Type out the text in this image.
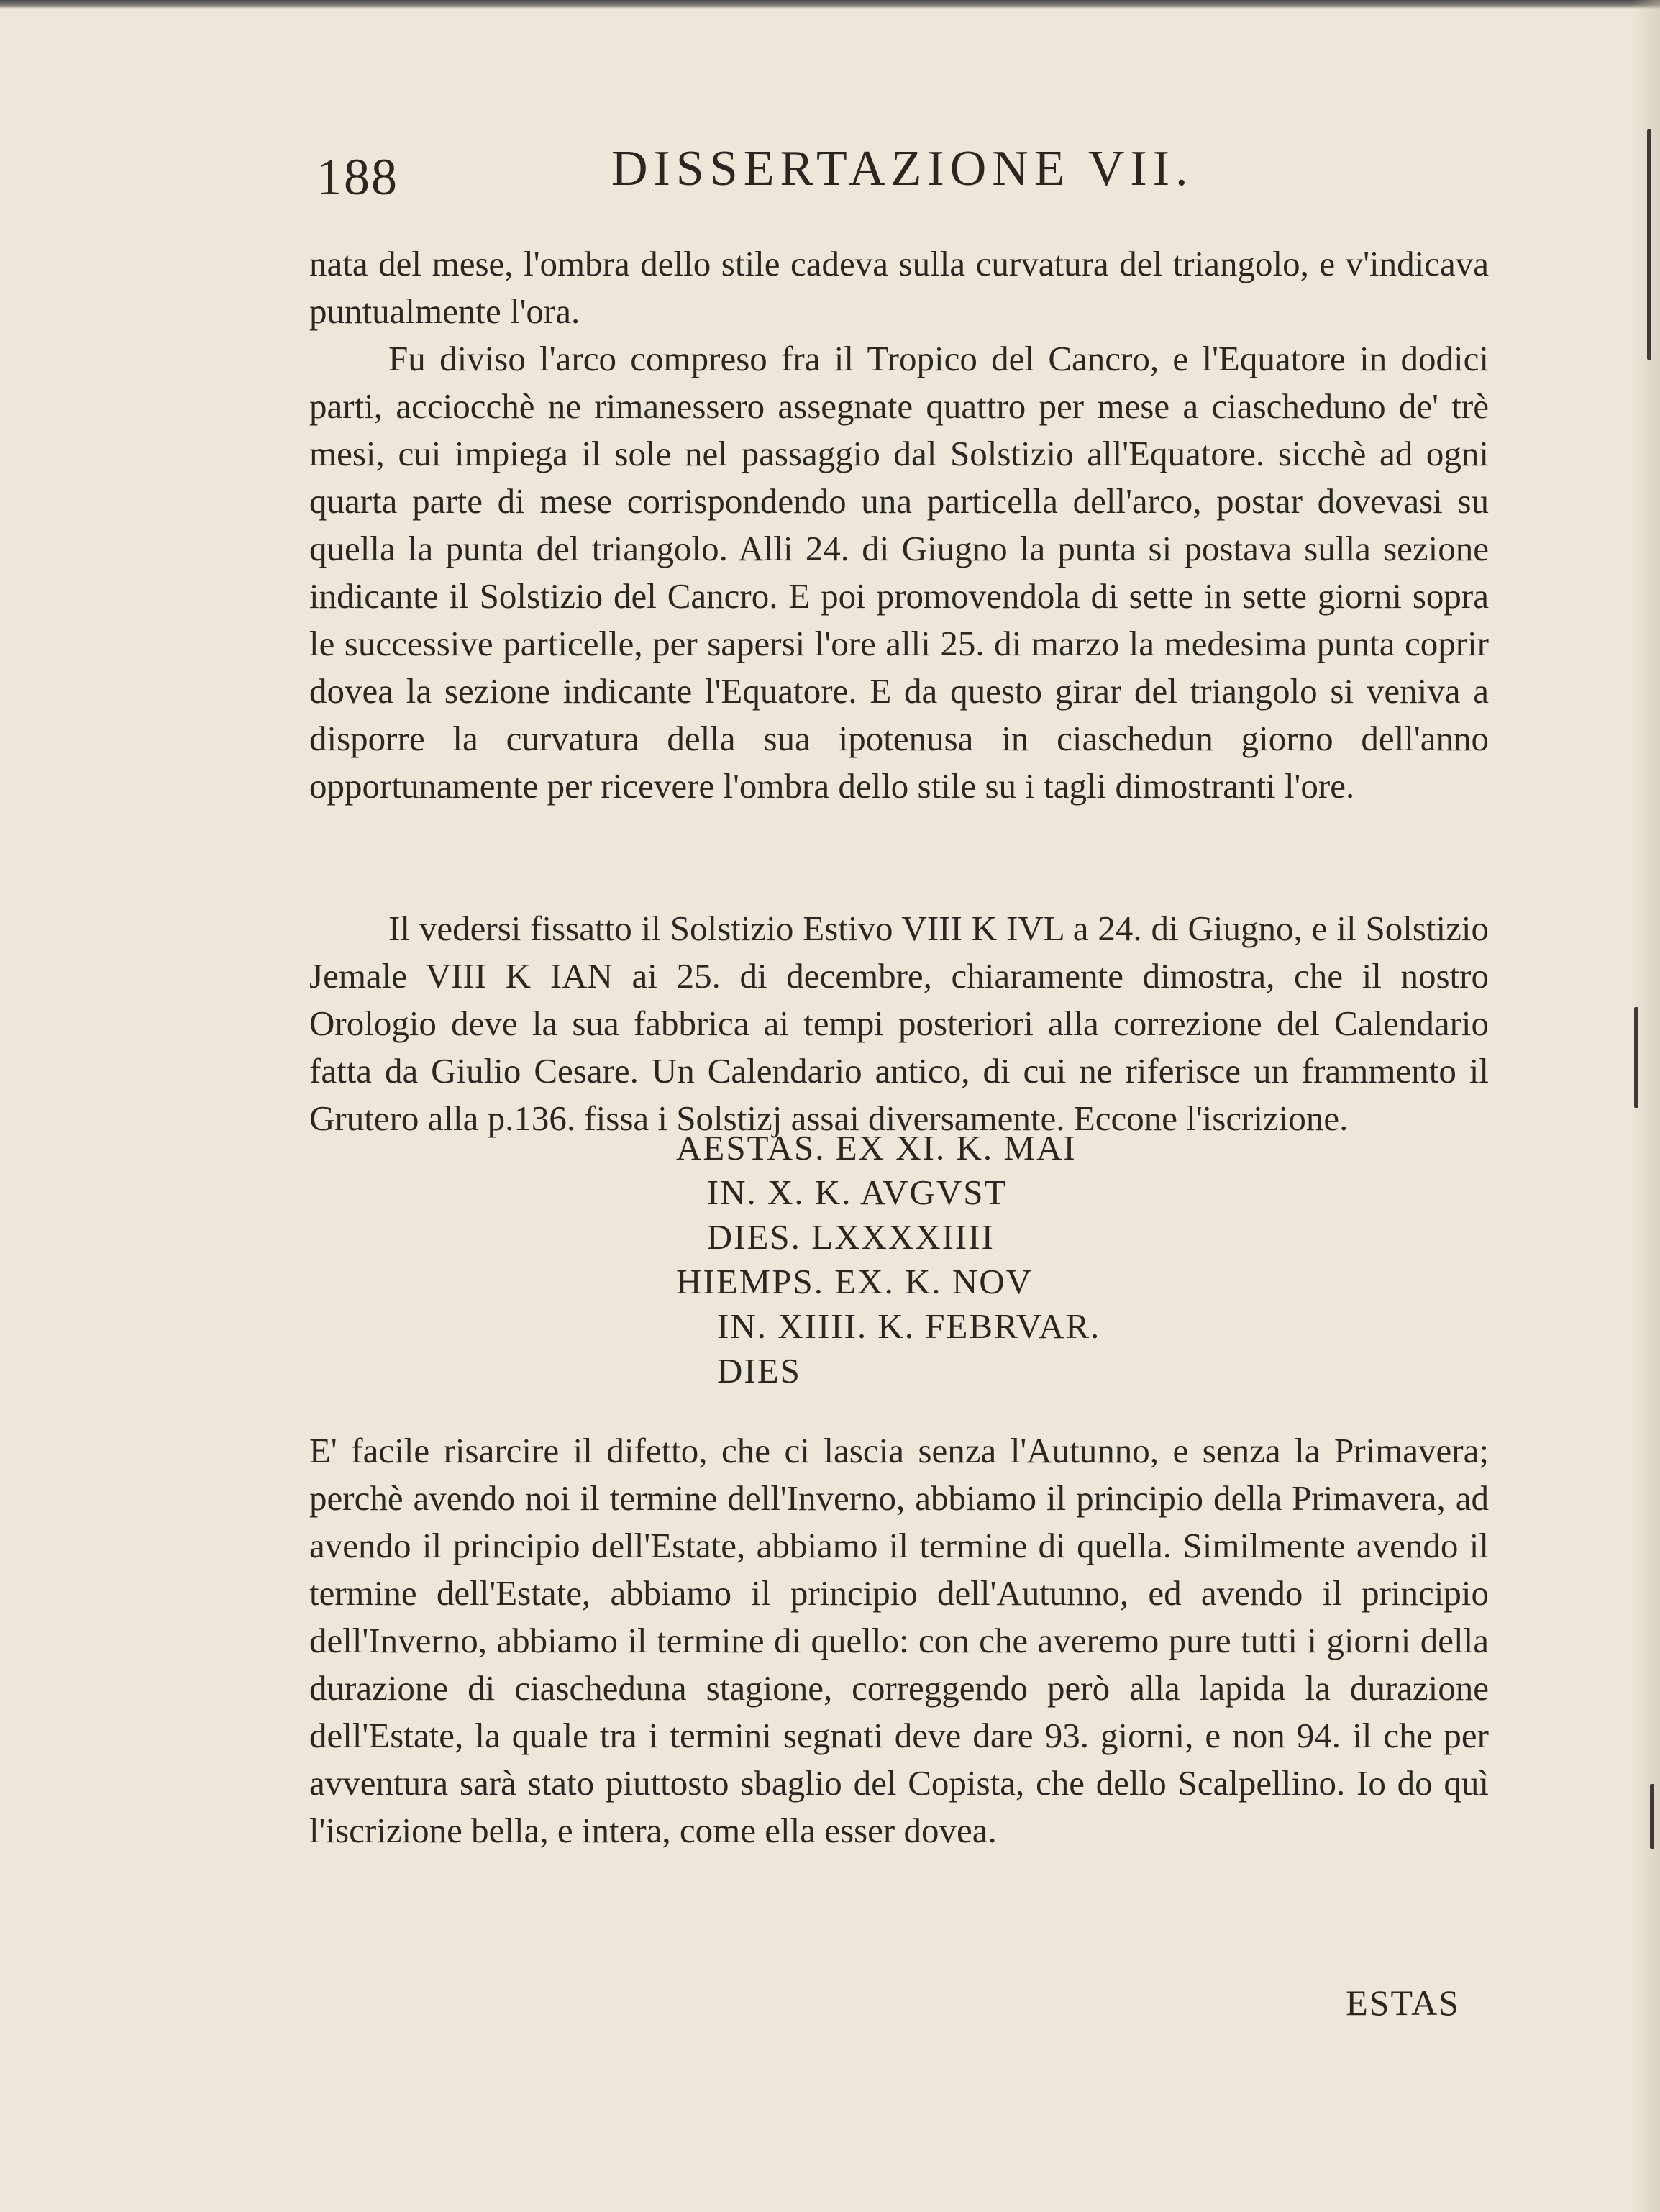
188	DISSERTAZIONE VII.

nata del mese, l'ombra dello stile cadeva sulla curvatura del triangolo, e v'indicava puntualmente l'ora.

Fu diviso l'arco compreso fra il Tropico del Cancro, e l'Equatore in dodici parti, acciocchè ne rimanessero assegnate quattro per mese a ciascheduno de' trè mesi, cui impiega il sole nel passaggio dal Solstizio all'Equatore. sicchè ad ogni quarta parte di mese corrispondendo una particella dell'arco, postar dovevasi su quella la punta del triangolo. Alli 24. di Giugno la punta si postava sulla sezione indicante il Solstizio del Cancro. E poi promovendola di sette in sette giorni sopra le successive particelle, per sapersi l'ore alli 25. di marzo la medesima punta coprir dovea la sezione indicante l'Equatore. E da questo girar del triangolo si veniva a disporre la curvatura della sua ipotenusa in ciaschedun giorno dell'anno opportunamente per ricevere l'ombra dello stile su i tagli dimostranti l'ore.

Il vedersi fissatto il Solstizio Estivo VIII K IVL a 24. di Giugno, e il Solstizio Jemale VIII K IAN ai 25. di decembre, chiaramente dimostra, che il nostro Orologio deve la sua fabbrica ai tempi posteriori alla correzione del Calendario fatta da Giulio Cesare. Un Calendario antico, di cui ne riferisce un frammento il Grutero alla p.136. fissa i Solstizj assai diversamente. Eccone l'iscrizione.

AESTAS. EX XI. K. MAI
IN. X. K. AVGVST
DIES. LXXXXIIII
HIEMPS. EX. K. NOV
IN. XIIII. K. FEBRVAR.
DIES

E' facile risarcire il difetto, che ci lascia senza l'Autunno, e senza la Primavera; perchè avendo noi il termine dell'Inverno, abbiamo il principio della Primavera, ad avendo il principio dell'Estate, abbiamo il termine di quella. Similmente avendo il termine dell'Estate, abbiamo il principio dell'Autunno, ed avendo il principio dell'Inverno, abbiamo il termine di quello: con che averemo pure tutti i giorni della durazione di ciascheduna stagione, correggendo però alla lapida la durazione dell'Estate, la quale tra i termini segnati deve dare 93. giorni, e non 94. il che per avventura sarà stato piuttosto sbaglio del Copista, che dello Scalpellino. Io do quì l'iscrizione bella, e intera, come ella esser dovea.

ESTAS
